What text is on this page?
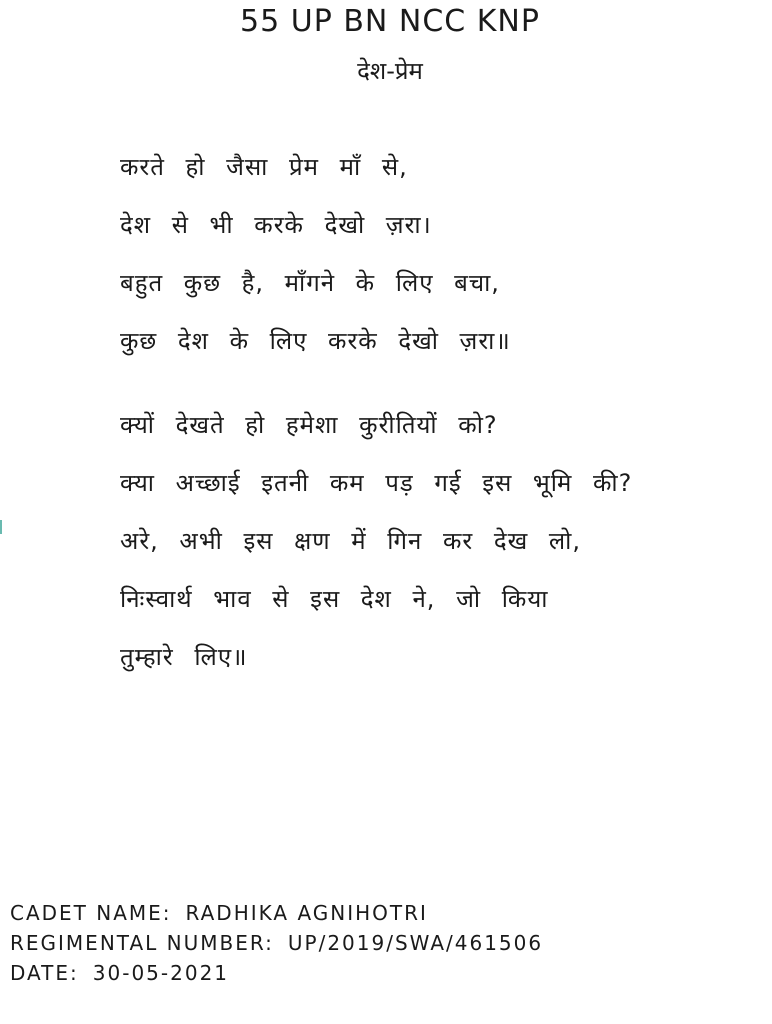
55 UP BN NCC KNP
देश-प्रेम
करते हो जैसा प्रेम माँ से,
देश से भी करके देखो ज़रा।
बहुत कुछ है, माँगने के लिए बचा,
कुछ देश के लिए करके देखो ज़रा॥
क्यों देखते हो हमेशा कुरीतियों को?
क्या अच्छाई इतनी कम पड़ गई इस भूमि की?
अरे, अभी इस क्षण में गिन कर देख लो,
निःस्वार्थ भाव से इस देश ने, जो किया
तुम्हारे लिए॥
CADET NAME: RADHIKA AGNIHOTRI
REGIMENTAL NUMBER: UP/2019/SWA/461506
DATE: 30-05-2021
